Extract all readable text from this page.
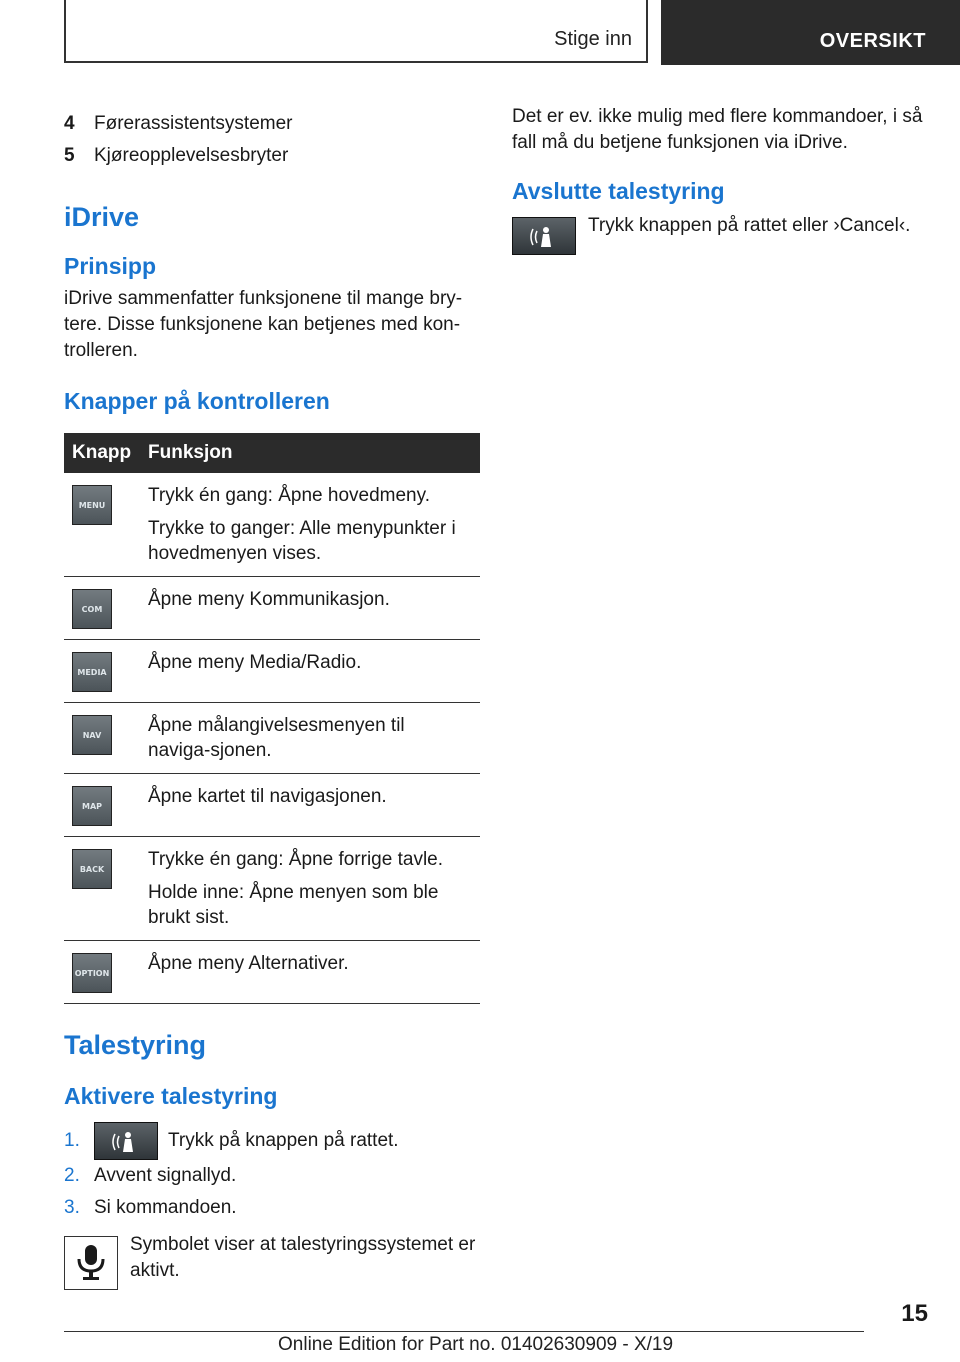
Stige inn	OVERSIKT
4	Førerassistentsystemer
5	Kjøreopplevelsesbryter
iDrive
Prinsipp
iDrive sammenfatter funksjonene til mange bry-
tere. Disse funksjonene kan betjenes med kon-
trolleren.
Knapper på kontrolleren
Knapp	Funksjon

MENU	Trykk én gang: Åpne hovedmeny.

Trykke to ganger: Alle menypunkter i hovedmenyen vises.

COM	Åpne meny Kommunikasjon.

MEDIA	Åpne meny Media/Radio.

NAV	Åpne målangivelsesmenyen til naviga-sjonen.

MAP	Åpne kartet til navigasjonen.

BACK	Trykke én gang: Åpne forrige tavle.

Holde inne: Åpne menyen som ble brukt sist.

OPTION	Åpne meny Alternativer.

Talestyring
Aktivere talestyring
1.	Trykk på knappen på rattet.
2. Avvent signallyd.
3. Si kommandoen.
Symbolet viser at talestyringssystemet er
aktivt.
Det er ev. ikke mulig med flere kommandoer, i så
fall må du betjene funksjonen via iDrive.
Avslutte talestyring
Trykk knappen på rattet eller ›Cancel‹.
15
Online Edition for Part no. 01402630909 - X/19
